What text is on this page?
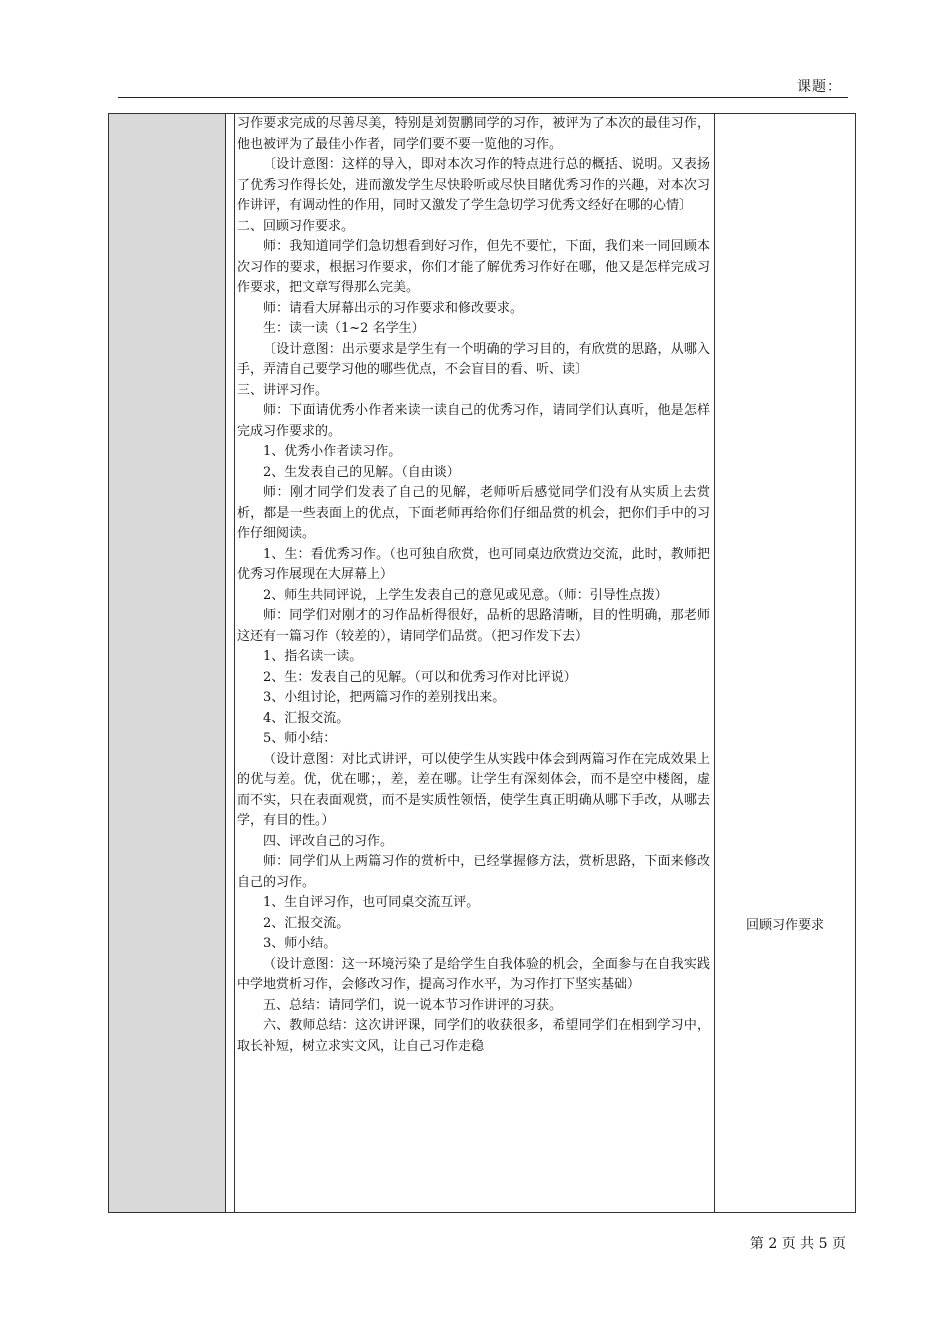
课题：

习作要求完成的尽善尽美，特别是刘贺鹏同学的习作，被评为了本次的最佳习作，他也被评为了最佳小作者，同学们要不要一览他的习作。

〔设计意图：这样的导入，即对本次习作的特点进行总的概括、说明。又表扬了优秀习作得长处，进而激发学生尽快聆听或尽快目睹优秀习作的兴趣，对本次习作讲评，有调动性的作用，同时又激发了学生急切学习优秀文经好在哪的心情〕

二、回顾习作要求。

师：我知道同学们急切想看到好习作，但先不要忙，下面，我们来一同回顾本次习作的要求，根据习作要求，你们才能了解优秀习作好在哪，他又是怎样完成习作要求，把文章写得那么完美。

师：请看大屏幕出示的习作要求和修改要求。

生：读一读（1~2 名学生）

〔设计意图：出示要求是学生有一个明确的学习目的，有欣赏的思路，从哪入手，弄清自己要学习他的哪些优点，不会盲目的看、听、读〕

三、讲评习作。

师：下面请优秀小作者来读一读自己的优秀习作，请同学们认真听，他是怎样完成习作要求的。

1、优秀小作者读习作。

2、生发表自己的见解。（自由谈）

师：刚才同学们发表了自己的见解，老师听后感觉同学们没有从实质上去赏析，都是一些表面上的优点，下面老师再给你们仔细品赏的机会，把你们手中的习作仔细阅读。

1、生：看优秀习作。（也可独自欣赏，也可同桌边欣赏边交流，此时，教师把优秀习作展现在大屏幕上）

2、师生共同评说，上学生发表自己的意见或见意。（师：引导性点拨）

师：同学们对刚才的习作品析得很好，品析的思路清晰，目的性明确，那老师这还有一篇习作（较差的），请同学们品赏。（把习作发下去）

1、指名读一读。

2、生：发表自己的见解。（可以和优秀习作对比评说）

3、小组讨论，把两篇习作的差别找出来。

4、汇报交流。

5、师小结：

（设计意图：对比式讲评，可以使学生从实践中体会到两篇习作在完成效果上的优与差。优，优在哪；，差，差在哪。让学生有深刻体会，而不是空中楼阁，虚而不实，只在表面观赏，而不是实质性领悟，使学生真正明确从哪下手改，从哪去学，有目的性。）

四、评改自己的习作。

师：同学们从上两篇习作的赏析中，已经掌握修方法，赏析思路，下面来修改自己的习作。

1、生自评习作，也可同桌交流互评。

2、汇报交流。

3、师小结。

（设计意图：这一环境污染了是给学生自我体验的机会，全面参与在自我实践中学地赏析习作，会修改习作，提高习作水平，为习作打下坚实基础）

五、总结：请同学们，说一说本节习作讲评的习获。

六、教师总结：这次讲评课，同学们的收获很多，希望同学们在相到学习中，取长补短，树立求实文风，让自己习作走稳

回顾习作要求
第 2 页 共 5 页
